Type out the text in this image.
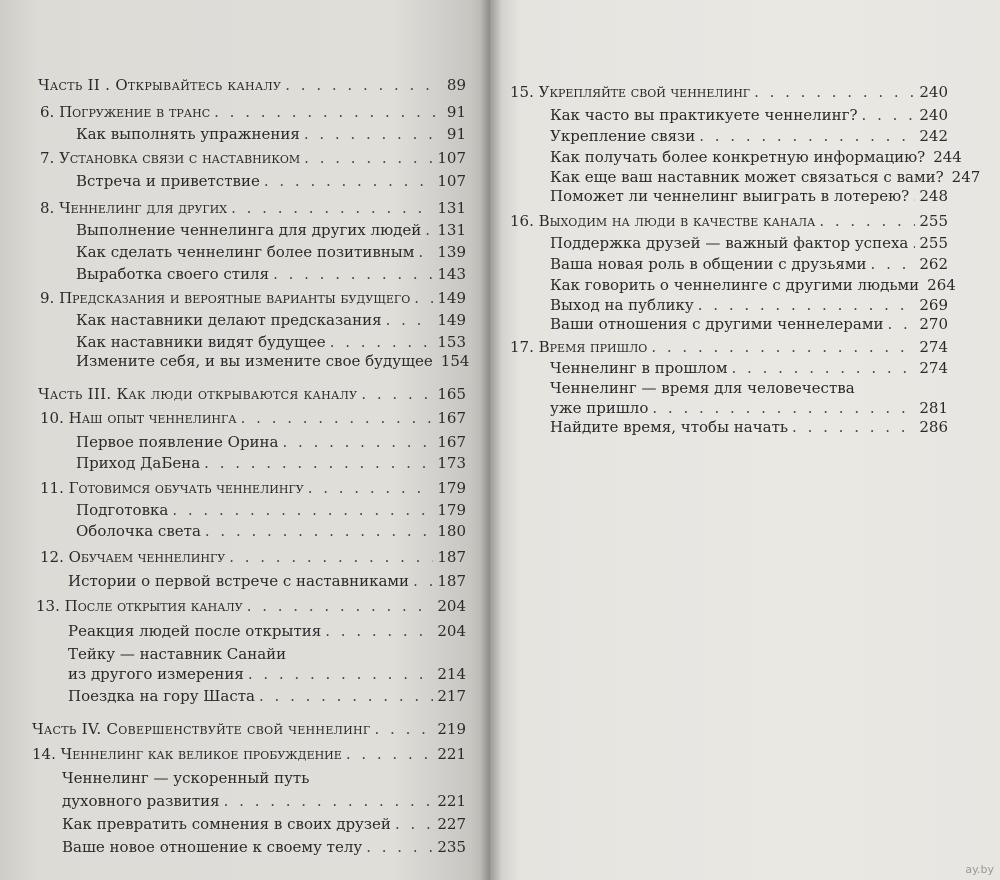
Часть II . Открывайтесь каналу . . .	89
6. Погружение в транс . . .	91
Как выполнять упражнения . . .	91
7. Установка связи с наставником . . .	107
Встреча и приветствие . . .	107
8. Ченнелинг для других . . .	131
Выполнение ченнелинга для других людей . . . 131
Как сделать ченнелинг более позитивным . . . 139
Выработка своего стиля . . .	143
9. Предсказания и вероятные варианты будущего . . . 149
Как наставники делают предсказания . . .	149
Как наставники видят будущее . . .	153
Измените себя, и вы измените свое будущее 154
Часть III. Как люди открываются каналу . . .	165
10. Наш опыт ченнелинга . . .	167
Первое появление Орина . . .	167
Приход ДаБена . . .	173
11. Готовимся обучать ченнелингу . . .	179
Подготовка . . .	179
Оболочка света . . .	180
12. Обучаем ченнелингу . . .	187
Истории о первой встрече с наставниками . . . 187
13. После открытия каналу . . .	204
Реакция людей после открытия . . .	204
Тейку — наставник Санайи
из другого измерения . . .	214
Поездка на гору Шаста . . .	217
Часть IV. Совершенствуйте свой ченнелинг . . .	219
14. Ченнелинг как великое пробуждение . . .	221
Ченнелинг — ускоренный путь
духовного развития . . .	221
Как превратить сомнения в своих друзей . . .	227
Ваше новое отношение к своему телу . . .	235
15. Укрепляйте свой ченнелинг . . .	240
Как часто вы практикуете ченнелинг? . . .	240
Укрепление связи . . .	242
Как получать более конкретную информацию? 244
Как еще ваш наставник может связаться с вами? 247
Поможет ли ченнелинг выиграть в лотерею? . . . 248
16. Выходим на люди в качестве канала . . .	255
Поддержка друзей — важный фактор успеха . . . 255
Ваша новая роль в общении с друзьями . . .	262
Как говорить о ченнелинге с другими людьми 264
Выход на публику . . .	269
Ваши отношения с другими ченнелерами . . . 270
17. Время пришло . . .	274
Ченнелинг в прошлом . . .	274
Ченнелинг — время для человечества
уже пришло . . .	281
Найдите время, чтобы начать . . .	286
ay.by
